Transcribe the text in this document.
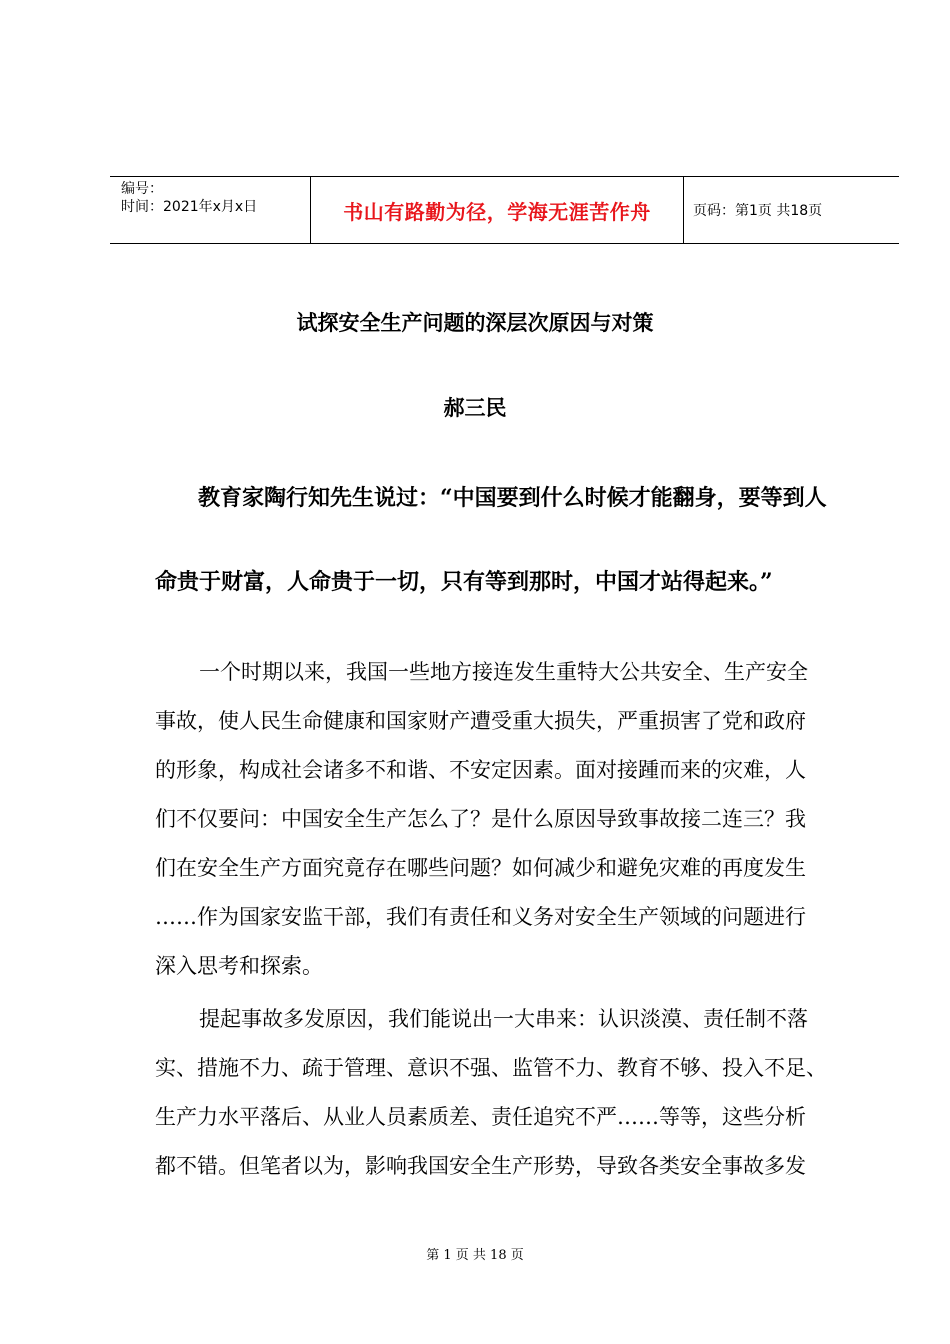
编号：
时间：2021年x月x日	书山有路勤为径，学海无涯苦作舟	页码：第1页 共18页
试探安全生产问题的深层次原因与对策
郝三民
教育家陶行知先生说过：“中国要到什么时候才能翻身，要等到人
命贵于财富，人命贵于一切，只有等到那时，中国才站得起来。”
一个时期以来，我国一些地方接连发生重特大公共安全、生产安全
事故，使人民生命健康和国家财产遭受重大损失，严重损害了党和政府
的形象，构成社会诸多不和谐、不安定因素。面对接踵而来的灾难，人
们不仅要问：中国安全生产怎么了？是什么原因导致事故接二连三？我
们在安全生产方面究竟存在哪些问题？如何减少和避免灾难的再度发生
……作为国家安监干部，我们有责任和义务对安全生产领域的问题进行
深入思考和探索。
提起事故多发原因，我们能说出一大串来：认识淡漠、责任制不落
实、措施不力、疏于管理、意识不强、监管不力、教育不够、投入不足、
生产力水平落后、从业人员素质差、责任追究不严……等等，这些分析
都不错。但笔者以为，影响我国安全生产形势，导致各类安全事故多发
第 1 页 共 18 页
